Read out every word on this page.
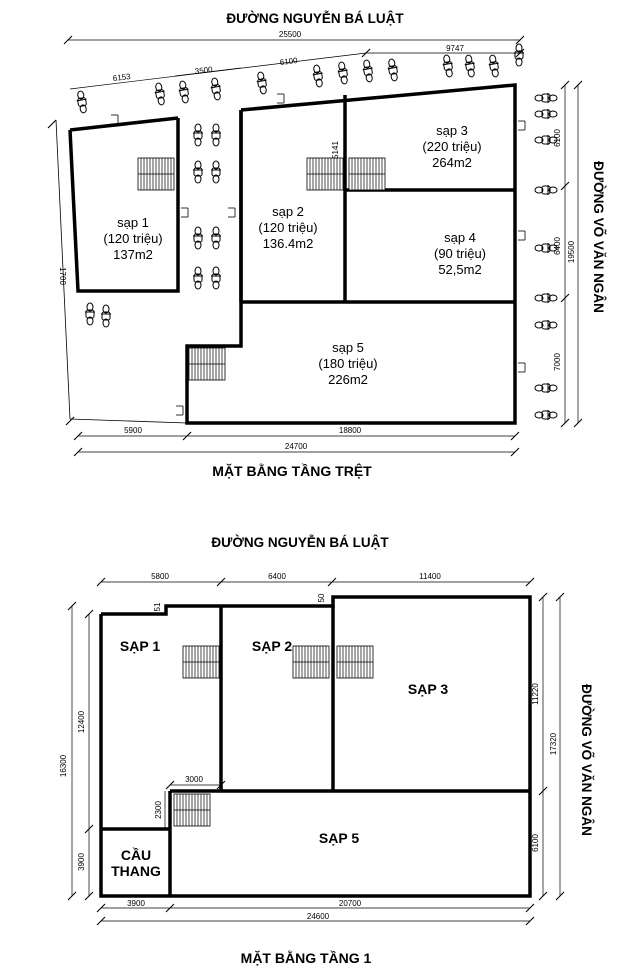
ĐƯỜNG NGUYỄN BÁ LUẬT
25500
9747
6153
3500
6100
5141
sạp 1
(120 triệu)
137m2
sạp 2
(120 triệu)
136.4m2
sạp 3
(220 triệu)
264m2
sạp 4
(90 triệu)
52,5m2
sạp 5
(180 triệu)
226m2
6100
6400
7000
19500 ĐƯỜNG VÕ VĂN NGÂN
1700
5900	18800
24700
MẶT BẰNG TẦNG TRỆT
ĐƯỜNG NGUYỄN BÁ LUẬT
5800	6400	11400
51
50
SẠP 1	SẠP 2
SẠP 3
SẠP 5
CẦU
THANG
16300
12400
3900
3000
2300
11220
6100
17320 ĐƯỜNG VÕ VĂN NGÂN
3900	20700
24600
MẶT BẰNG TẦNG 1
